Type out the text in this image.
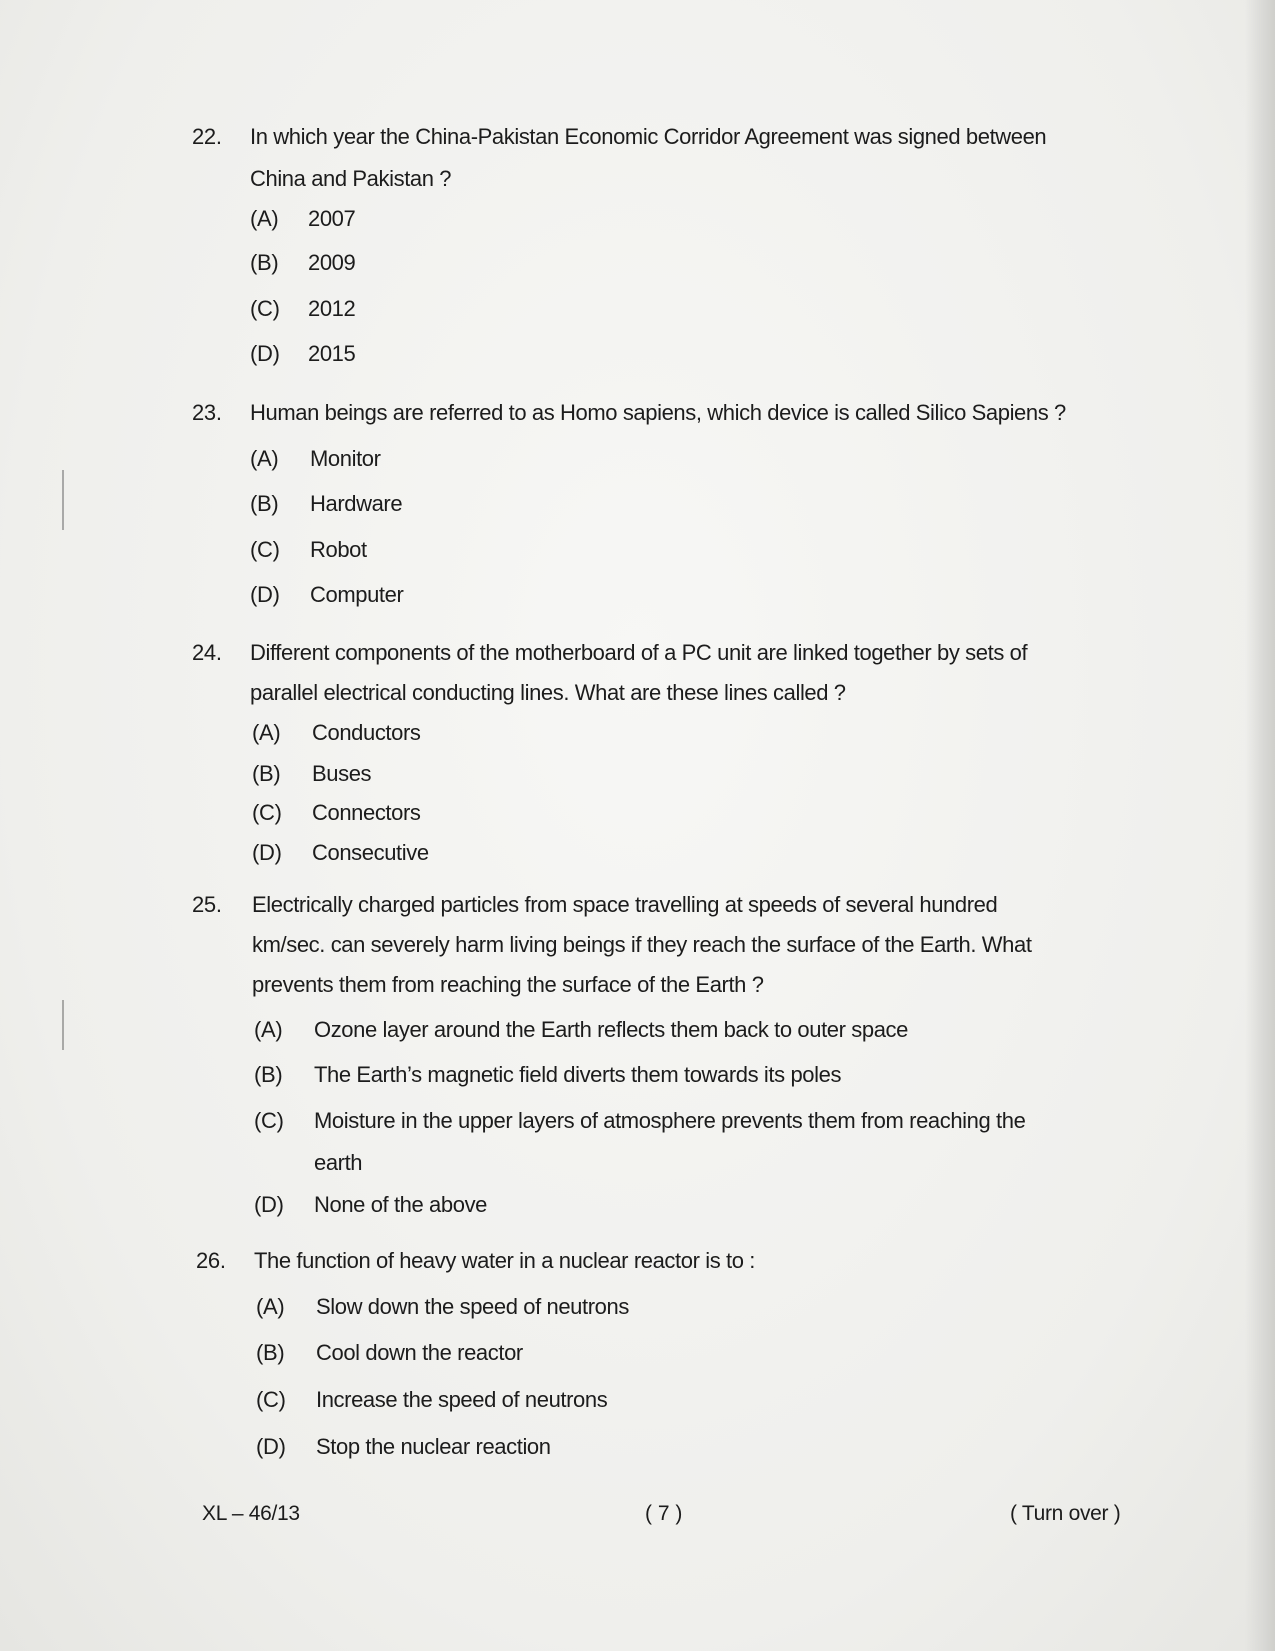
22. In which year the China-Pakistan Economic Corridor Agreement was signed between
China and Pakistan ?
(A) 2007
(B) 2009
(C) 2012
(D) 2015
23. Human beings are referred to as Homo sapiens, which device is called Silico Sapiens ?
(A) Monitor
(B) Hardware
(C) Robot
(D) Computer
24. Different components of the motherboard of a PC unit are linked together by sets of
parallel electrical conducting lines. What are these lines called ?
(A) Conductors
(B) Buses
(C) Connectors
(D) Consecutive
25. Electrically charged particles from space travelling at speeds of several hundred
km/sec. can severely harm living beings if they reach the surface of the Earth. What
prevents them from reaching the surface of the Earth ?
(A) Ozone layer around the Earth reflects them back to outer space
(B) The Earth’s magnetic field diverts them towards its poles
(C) Moisture in the upper layers of atmosphere prevents them from reaching the
earth
(D) None of the above
26. The function of heavy water in a nuclear reactor is to :
(A) Slow down the speed of neutrons
(B) Cool down the reactor
(C) Increase the speed of neutrons
(D) Stop the nuclear reaction
XL – 46/13	( 7 )	( Turn over )
